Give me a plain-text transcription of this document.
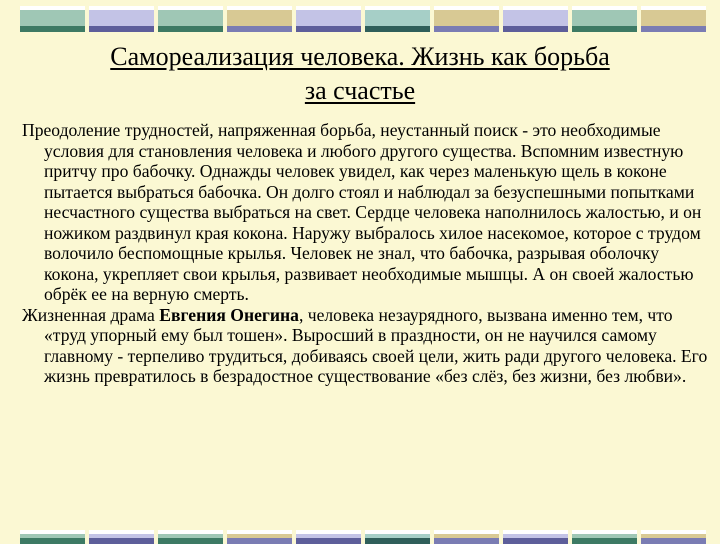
Самореализация человека. Жизнь как борьба
за счастье

Преодоление трудностей, напряженная борьба, неустанный поиск - это необходимые условия для становления человека и любого другого существа. Вспомним известную притчу про бабочку. Однажды человек увидел, как через маленькую щель в коконе пытается выбраться бабочка. Он долго стоял и наблюдал за безуспешными попытками несчастного существа выбраться на свет. Сердце человека наполнилось жалостью, и он ножиком раздвинул края кокона. Наружу выбралось хилое насекомое, которое с трудом волочило беспомощные крылья. Человек не знал, что бабочка, разрывая оболочку кокона, укрепляет свои крылья, развивает необходимые мышцы. А он своей жалостью обрёк ее на верную смерть.

Жизненная драма Евгения Онегина, человека незаурядного, вызвана именно тем, что «труд упорный ему был тошен». Выросший в праздности, он не научился самому главному - терпеливо трудиться, добиваясь своей цели, жить ради другого человека. Его жизнь превратилось в безрадостное существование «без слёз, без жизни, без любви».
